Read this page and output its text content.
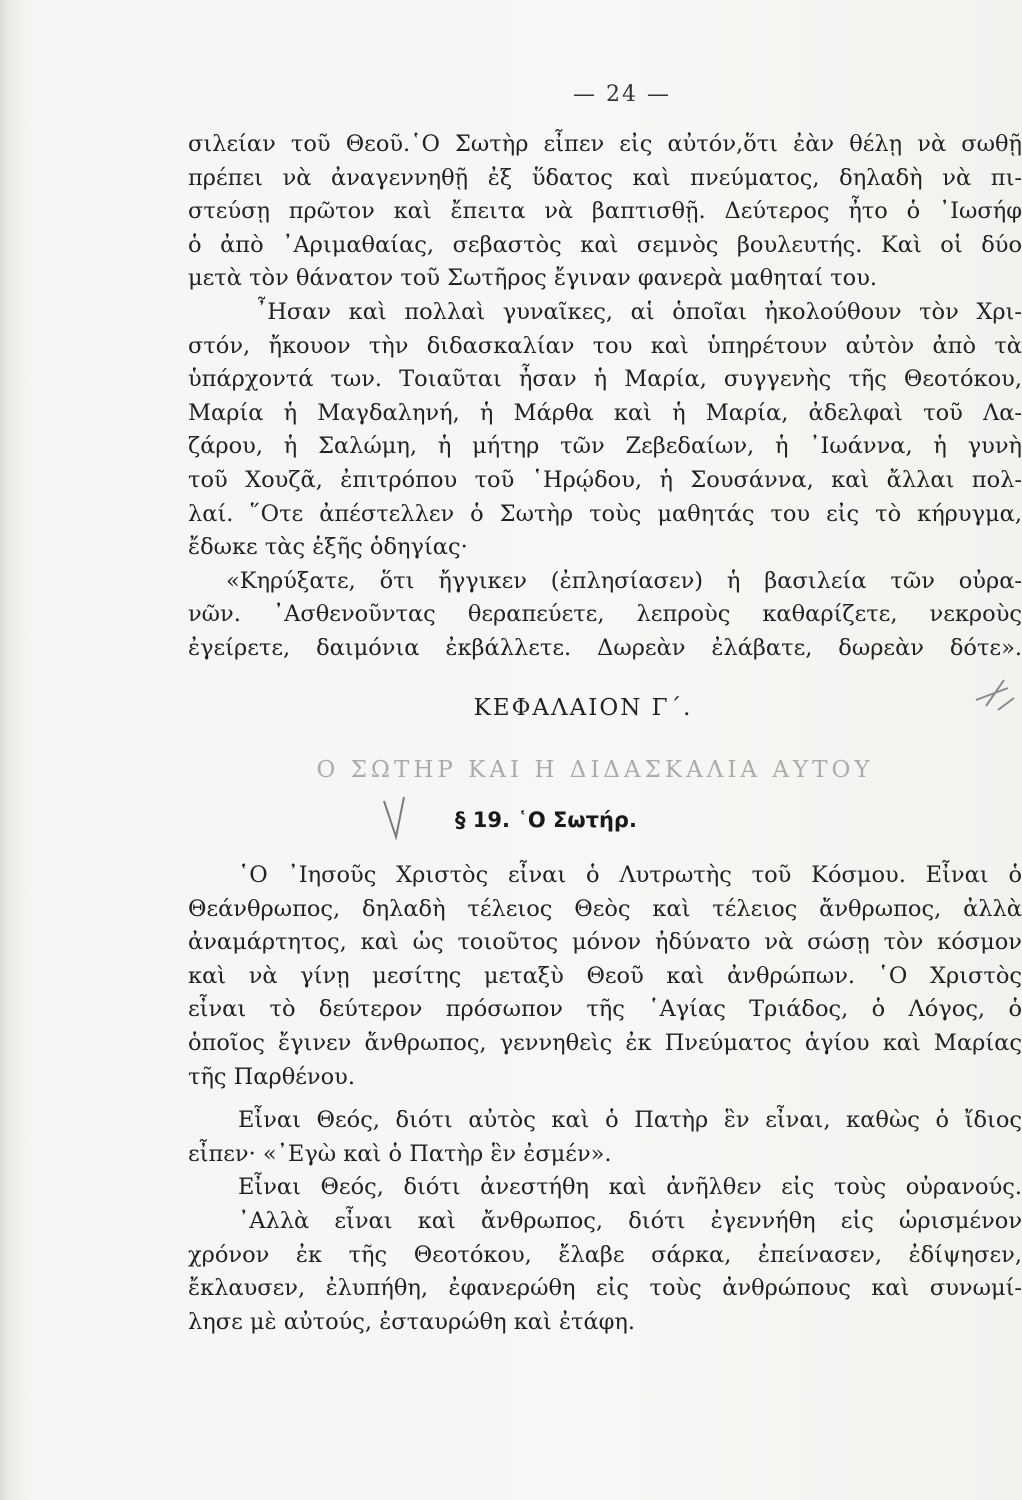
— 24 —
σιλείαν τοῦ Θεοῦ.῾Ο Σωτὴρ εἶπεν εἰς αὐτόν,ὅτι ἐὰν θέλῃ νὰ σωθῇ
πρέπει νὰ ἀναγεννηθῇ ἐξ ὕδατος καὶ πνεύματος, δηλαδὴ νὰ πι-
στεύσῃ πρῶτον καὶ ἔπειτα νὰ βαπτισθῇ. Δεύτερος ἦτο ὁ ᾿Ιωσήφ
ὁ ἀπὸ ᾿Αριμαθαίας, σεβαστὸς καὶ σεμνὸς βουλευτής. Καὶ οἱ δύο
μετὰ τὸν θάνατον τοῦ Σωτῆρος ἔγιναν φανερὰ μαθηταί του.
῏Ησαν καὶ πολλαὶ γυναῖκες, αἱ ὁποῖαι ἠκολούθουν τὸν Χρι-
στόν, ἤκουον τὴν διδασκαλίαν του καὶ ὑπηρέτουν αὐτὸν ἀπὸ τὰ
ὑπάρχοντά των. Τοιαῦται ἦσαν ἡ Μαρία, συγγενὴς τῆς Θεοτόκου,
Μαρία ἡ Μαγδαληνή, ἡ Μάρθα καὶ ἡ Μαρία, ἀδελφαὶ τοῦ Λα-
ζάρου, ἡ Σαλώμη, ἡ μήτηρ τῶν Ζεβεδαίων, ἡ ᾿Ιωάννα, ἡ γυνὴ
τοῦ Χουζᾶ, ἐπιτρόπου τοῦ ῾Ηρῴδου, ἡ Σουσάννα, καὶ ἄλλαι πολ-
λαί. ῞Οτε ἀπέστελλεν ὁ Σωτὴρ τοὺς μαθητάς του εἰς τὸ κήρυγμα,
ἔδωκε τὰς ἑξῆς ὁδηγίας·
«Κηρύξατε, ὅτι ἤγγικεν (ἐπλησίασεν) ἡ βασιλεία τῶν οὐρα-
νῶν. ᾿Ασθενοῦντας θεραπεύετε, λεπροὺς καθαρίζετε, νεκροὺς
ἐγείρετε, δαιμόνια ἐκβάλλετε. Δωρεὰν ἐλάβατε, δωρεὰν δότε».
ΚΕΦΑΛΑΙΟΝ Γ΄.
Ο ΣΩΤΗΡ ΚΑΙ Η ΔΙΔΑΣΚΑΛΙΑ ΑΥΤΟΥ
§ 19. ῾Ο Σωτήρ.
῾Ο ᾿Ιησοῦς Χριστὸς εἶναι ὁ Λυτρωτὴς τοῦ Κόσμου. Εἶναι ὁ
Θεάνθρωπος, δηλαδὴ τέλειος Θεὸς καὶ τέλειος ἄνθρωπος, ἀλλὰ
ἀναμάρτητος, καὶ ὡς τοιοῦτος μόνον ἠδύνατο νὰ σώσῃ τὸν κόσμον
καὶ νὰ γίνῃ μεσίτης μεταξὺ Θεοῦ καὶ ἀνθρώπων. ῾Ο Χριστὸς
εἶναι τὸ δεύτερον πρόσωπον τῆς ῾Αγίας Τριάδος, ὁ Λόγος, ὁ
ὁποῖος ἔγινεν ἄνθρωπος, γεννηθεὶς ἐκ Πνεύματος ἁγίου καὶ Μαρίας
τῆς Παρθένου.
Εἶναι Θεός, διότι αὐτὸς καὶ ὁ Πατὴρ ἓν εἶναι, καθὼς ὁ ἴδιος
εἶπεν· «᾿Εγὼ καὶ ὁ Πατὴρ ἓν ἐσμέν».
Εἶναι Θεός, διότι ἀνεστήθη καὶ ἀνῆλθεν εἰς τοὺς οὐρανούς.
᾿Αλλὰ εἶναι καὶ ἄνθρωπος, διότι ἐγεννήθη εἰς ὡρισμένον
χρόνον ἐκ τῆς Θεοτόκου, ἔλαβε σάρκα, ἐπείνασεν, ἐδίψησεν,
ἔκλαυσεν, ἐλυπήθη, ἐφανερώθη εἰς τοὺς ἀνθρώπους καὶ συνωμί-
λησε μὲ αὐτούς, ἐσταυρώθη καὶ ἐτάφη.
